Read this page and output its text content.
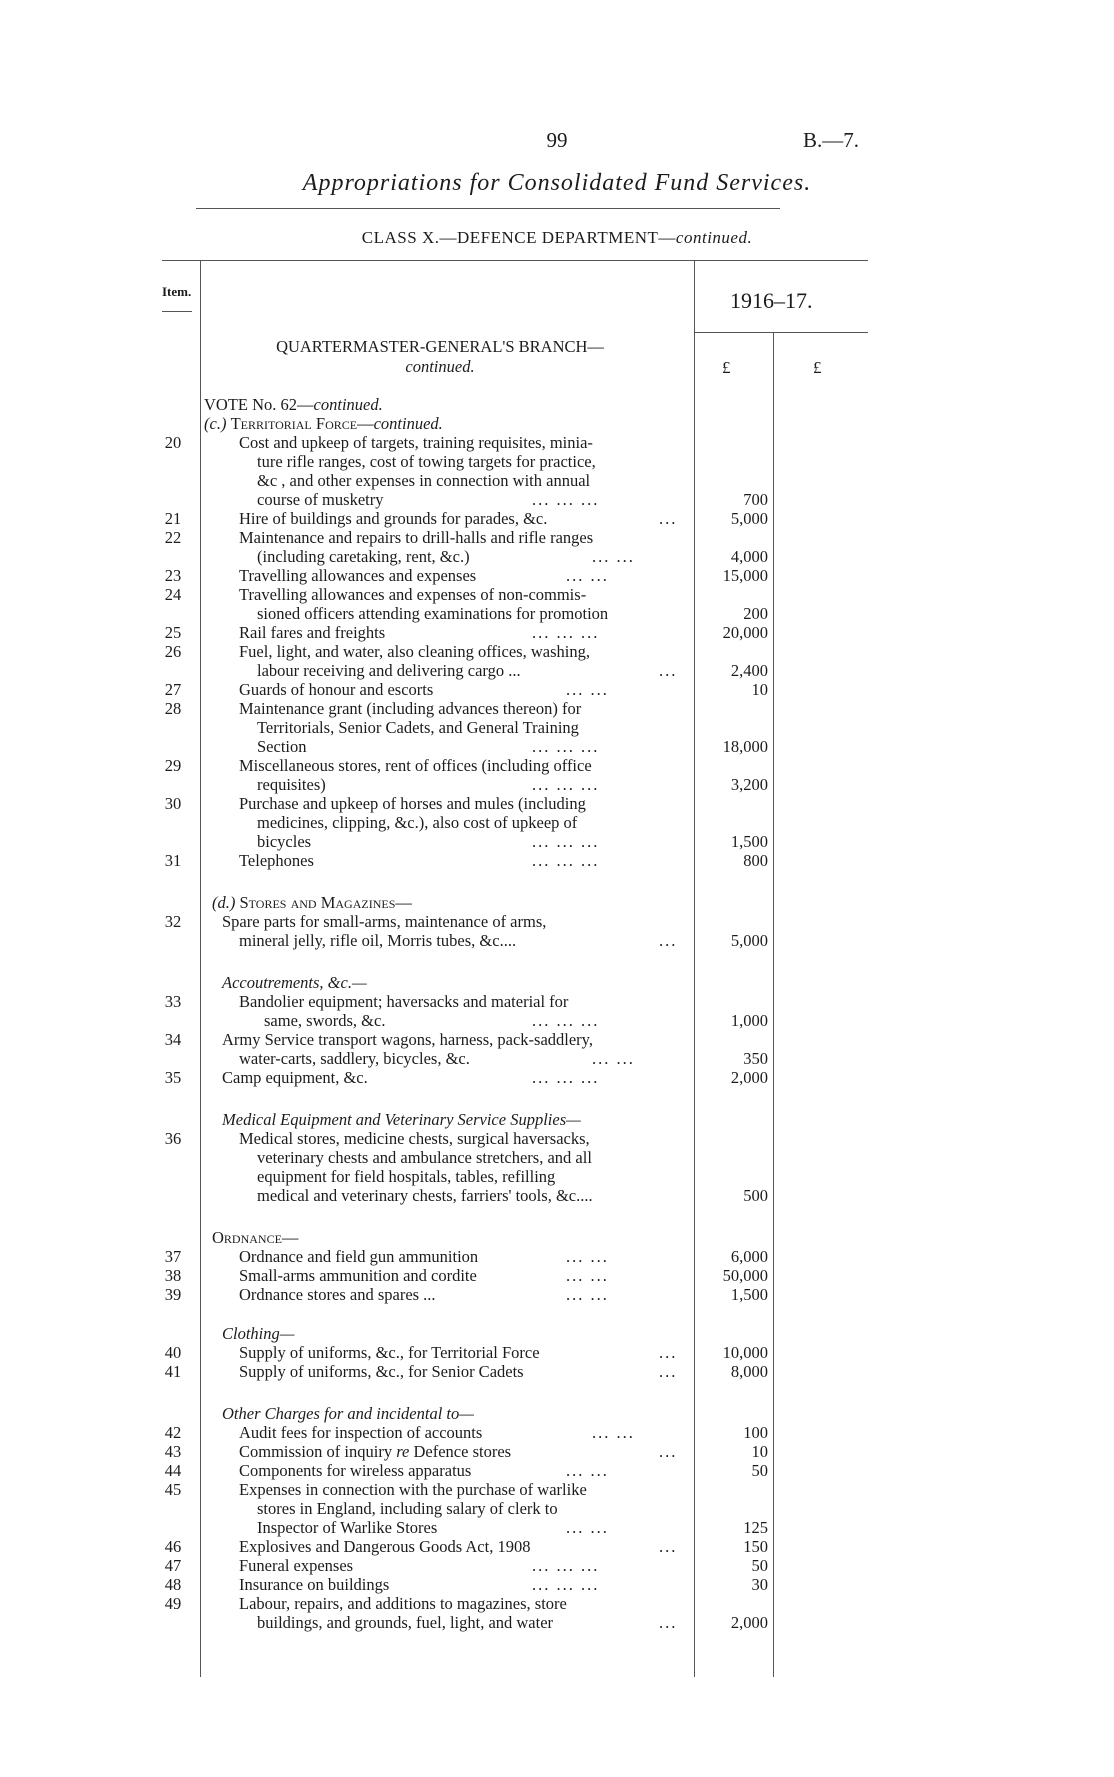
99	B.—7.
Appropriations for Consolidated Fund Services.
CLASS X.—DEFENCE DEPARTMENT—continued.
Item.	1916–17.
£	£
QUARTERMASTER-GENERAL'S BRANCH—
continued.
VOTE No. 62—continued.
(c.) Territorial Force—continued.
20	Cost and upkeep of targets, training requisites, minia-
ture rifle ranges, cost of towing targets for practice,
&c , and other expenses in connection with annual
course of musketry	... ... ...	700
21	Hire of buildings and grounds for parades, &c.	...	5,000
22	Maintenance and repairs to drill-halls and rifle ranges
(including caretaking, rent, &c.)	... ...	4,000
23	Travelling allowances and expenses	... ...	15,000
24	Travelling allowances and expenses of non-commis-
sioned officers attending examinations for promotion	200
25	Rail fares and freights	... ... ...	20,000
26	Fuel, light, and water, also cleaning offices, washing,
labour receiving and delivering cargo ...	...	2,400
27	Guards of honour and escorts	... ...	10
28	Maintenance grant (including advances thereon) for
Territorials, Senior Cadets, and General Training
Section	... ... ...	18,000
29	Miscellaneous stores, rent of offices (including office
requisites)	... ... ...	3,200
30	Purchase and upkeep of horses and mules (including
medicines, clipping, &c.), also cost of upkeep of
bicycles	... ... ...	1,500
31	Telephones	... ... ...	800
(d.) Stores and Magazines—
32	Spare parts for small-arms, maintenance of arms,
mineral jelly, rifle oil, Morris tubes, &c....	...	5,000
Accoutrements, &c.—
33	Bandolier equipment; haversacks and material for
same, swords, &c.	... ... ...	1,000
34	Army Service transport wagons, harness, pack-saddlery,
water-carts, saddlery, bicycles, &c.	... ...	350
35	Camp equipment, &c.	... ... ...	2,000
Medical Equipment and Veterinary Service Supplies—
36	Medical stores, medicine chests, surgical haversacks,
veterinary chests and ambulance stretchers, and all
equipment for field hospitals, tables, refilling
medical and veterinary chests, farriers' tools, &c....	500
Ordnance—
37	Ordnance and field gun ammunition	... ...	6,000
38	Small-arms ammunition and cordite	... ...	50,000
39	Ordnance stores and spares ...	... ...	1,500
Clothing—
40	Supply of uniforms, &c., for Territorial Force	...	10,000
41	Supply of uniforms, &c., for Senior Cadets	...	8,000
Other Charges for and incidental to—
42	Audit fees for inspection of accounts	... ...	100
43	Commission of inquiry re Defence stores	...	10
44	Components for wireless apparatus	... ...	50
45	Expenses in connection with the purchase of warlike
stores in England, including salary of clerk to
Inspector of Warlike Stores	... ...	125
46	Explosives and Dangerous Goods Act, 1908	...	150
47	Funeral expenses	... ... ...	50
48	Insurance on buildings	... ... ...	30
49	Labour, repairs, and additions to magazines, store
buildings, and grounds, fuel, light, and water	...	2,000
